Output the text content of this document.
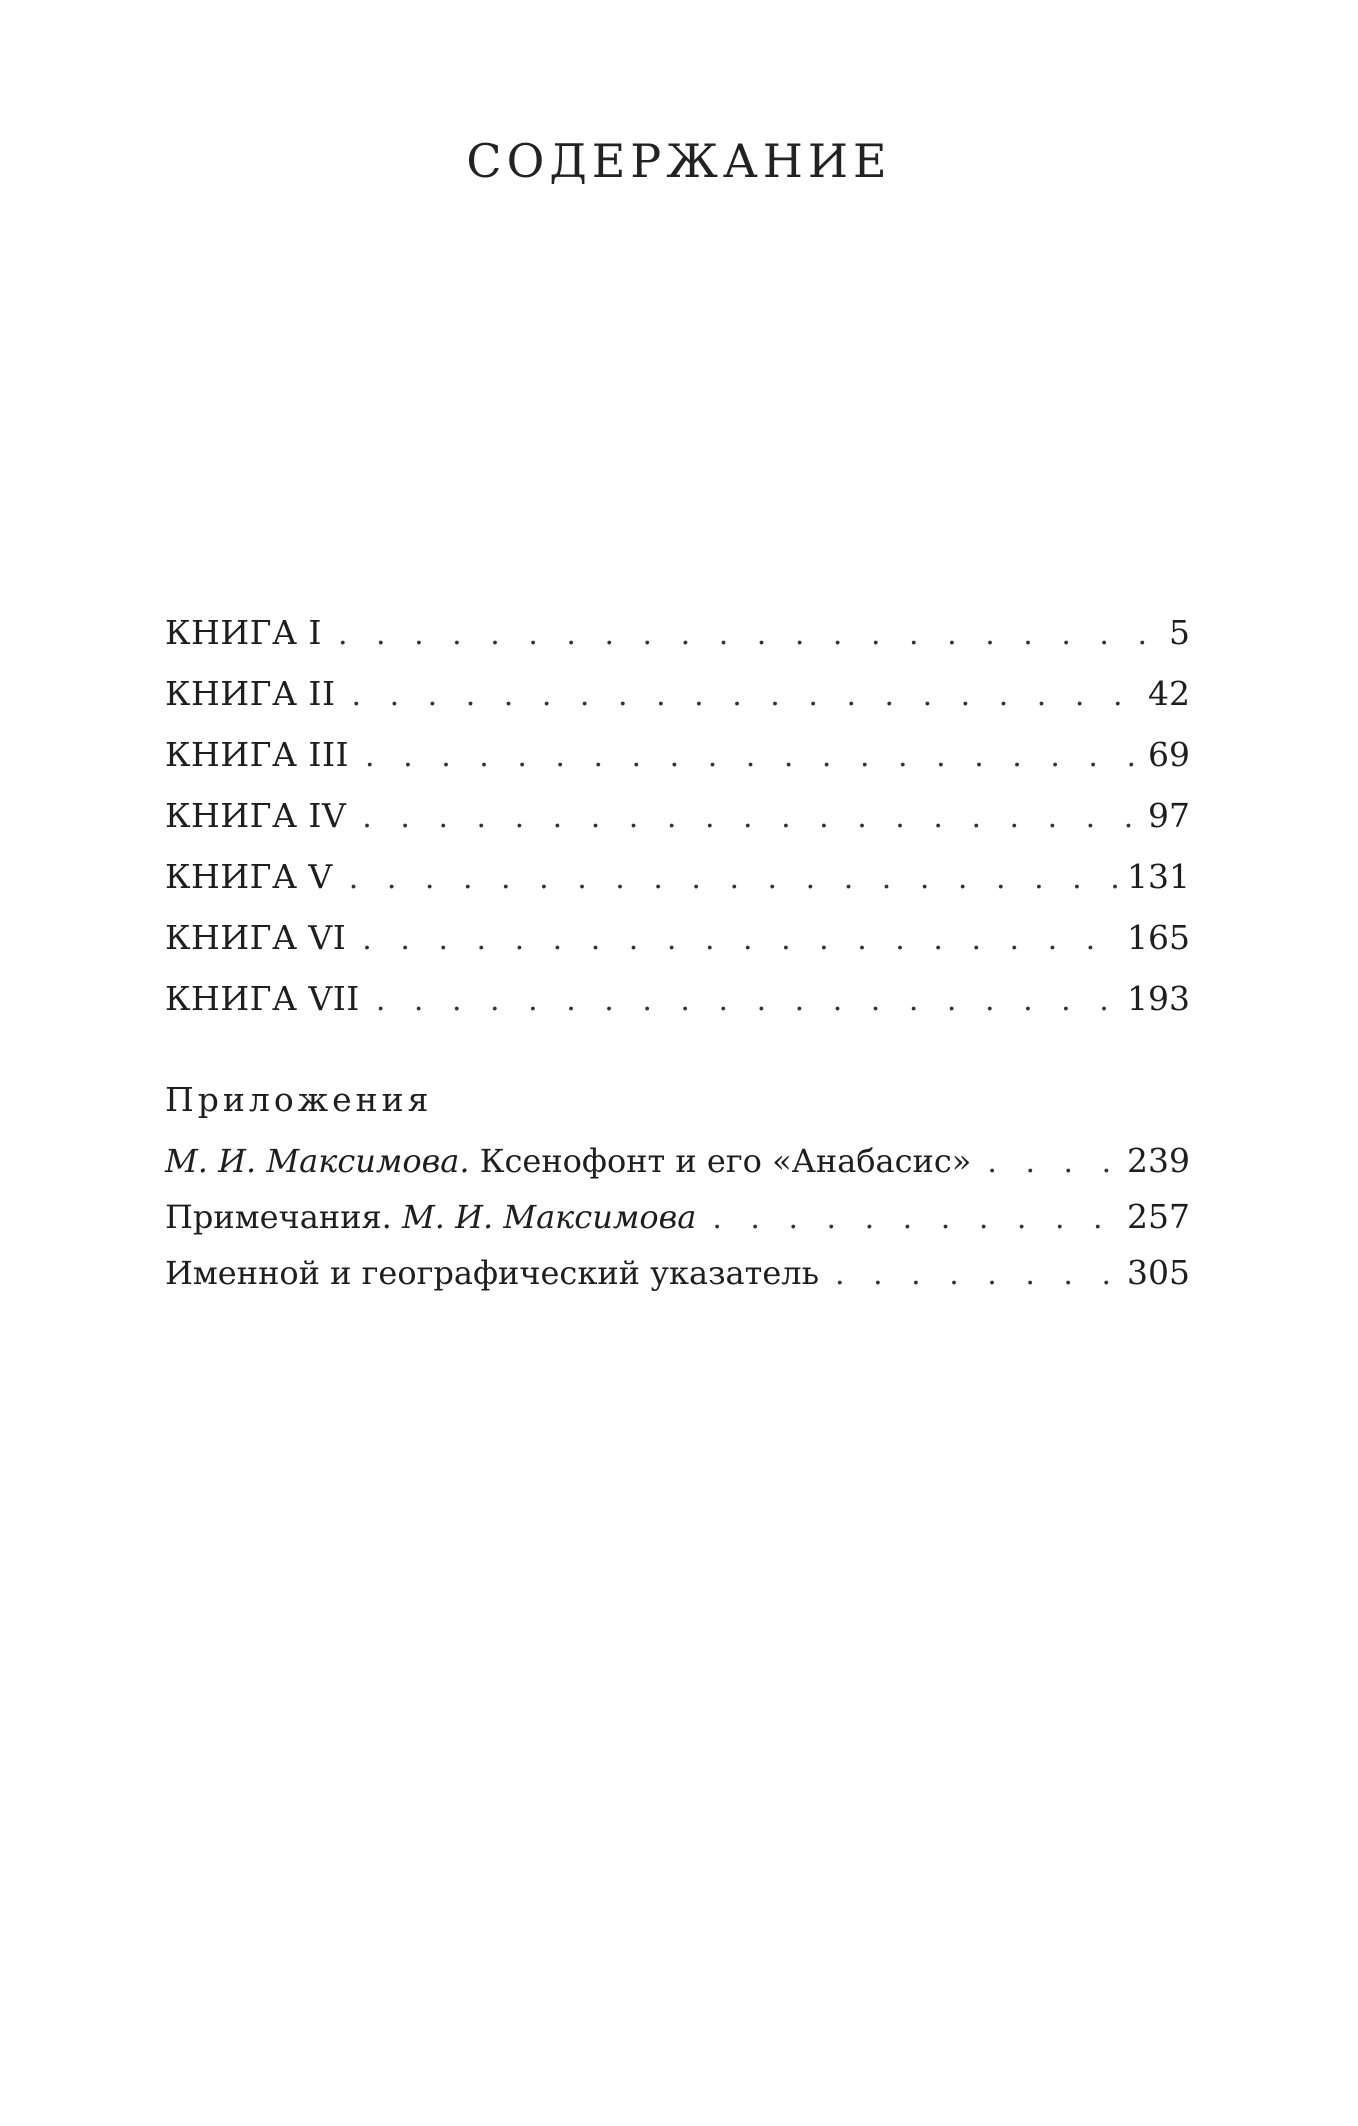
СОДЕРЖАНИЕ
КНИГА I . . .	5
КНИГА II . . .	42
КНИГА III . . .	69
КНИГА IV . . .	97
КНИГА V . . .	131
КНИГА VI . . .	165
КНИГА VII . . .	193
Приложения
М. И. Максимова. Ксенофонт и его «Анабасис» . . .	239
Примечания. М. И. Максимова . . .	257
Именной и географический указатель . . .	305
